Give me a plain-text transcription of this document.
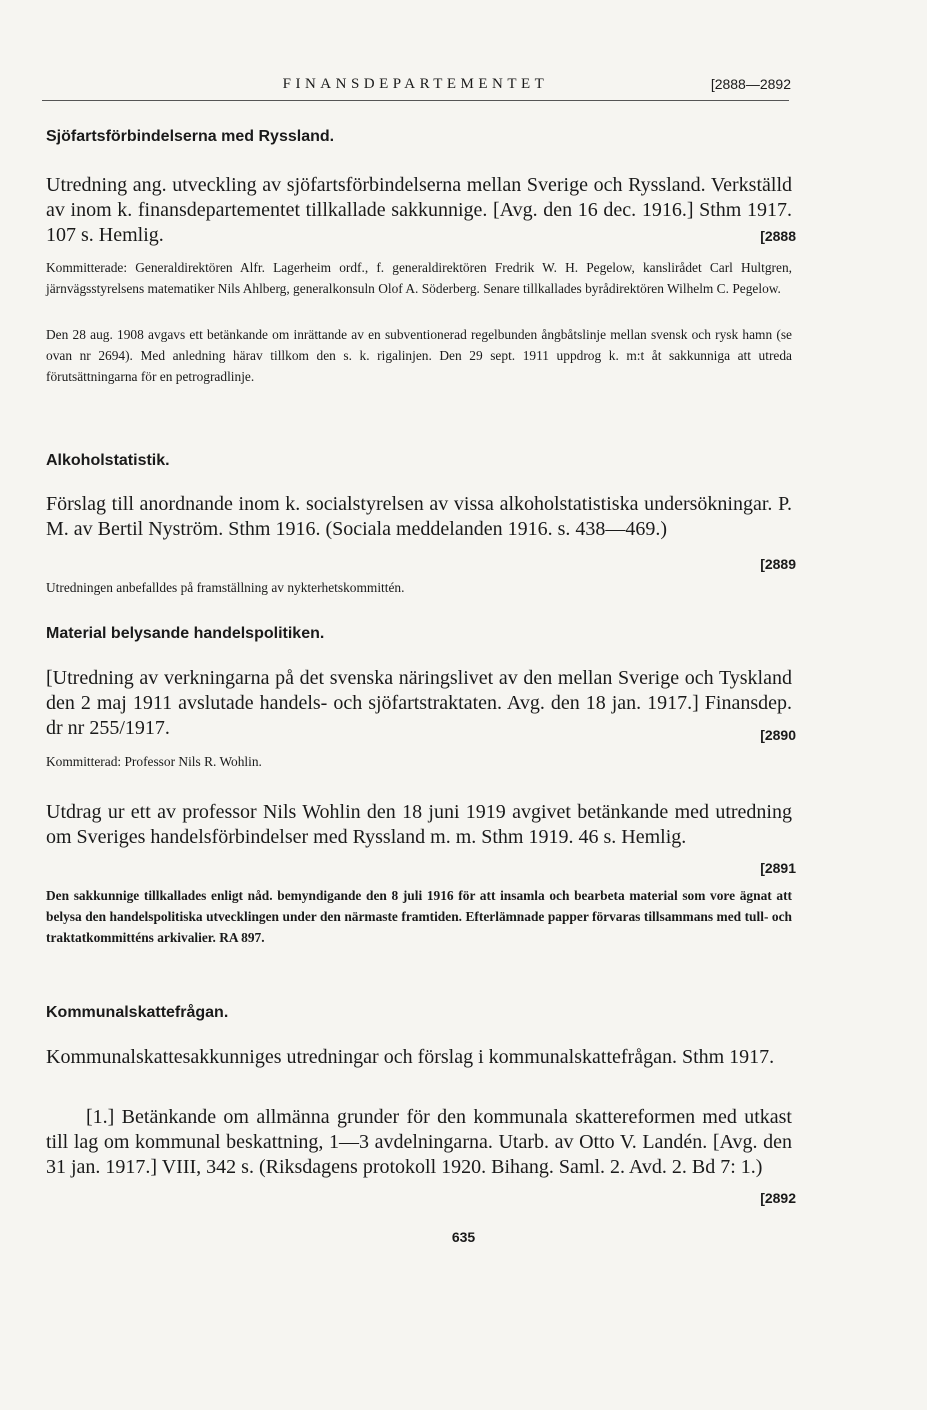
FINANSDEPARTEMENTET	[2888—2892
Sjöfartsförbindelserna med Ryssland.

[2888
Utredning ang. utveckling av sjöfartsförbindelserna mellan Sverige och Ryssland. Verkställd av inom k. finansdepartementet tillkallade sakkunnige. [Avg. den 16 dec. 1916.] Sthm 1917. 107 s. Hemlig.

Kommitterade: Generaldirektören Alfr. Lagerheim ordf., f. generaldirektören Fredrik W. H. Pegelow, kanslirådet Carl Hultgren, järnvägsstyrelsens matematiker Nils Ahlberg, generalkonsuln Olof A. Söderberg. Senare tillkallades byrådirektören Wilhelm C. Pegelow.

Den 28 aug. 1908 avgavs ett betänkande om inrättande av en subventionerad regelbunden ångbåtslinje mellan svensk och rysk hamn (se ovan nr 2694). Med anledning härav tillkom den s. k. rigalinjen. Den 29 sept. 1911 uppdrog k. m:t åt sakkunniga att utreda förutsättningarna för en petrogradlinje.

Alkoholstatistik.

[2889
Förslag till anordnande inom k. socialstyrelsen av vissa alkoholstatistiska undersökningar. P. M. av Bertil Nyström. Sthm 1916. (Sociala meddelanden 1916. s. 438—469.)

Utredningen anbefalldes på framställning av nykterhetskommittén.

Material belysande handelspolitiken.

[2890
[Utredning av verkningarna på det svenska näringslivet av den mellan Sverige och Tyskland den 2 maj 1911 avslutade handels- och sjöfartstraktaten. Avg. den 18 jan. 1917.] Finansdep. dr nr 255/1917.

Kommitterad: Professor Nils R. Wohlin.

[2891
Utdrag ur ett av professor Nils Wohlin den 18 juni 1919 avgivet betänkande med utredning om Sveriges handelsförbindelser med Ryssland m. m. Sthm 1919. 46 s. Hemlig.

Den sakkunnige tillkallades enligt nåd. bemyndigande den 8 juli 1916 för att insamla och bearbeta material som vore ägnat att belysa den handelspolitiska utvecklingen under den närmaste framtiden. Efterlämnade papper förvaras tillsammans med tull- och traktatkommitténs arkivalier. RA 897.

Kommunalskattefrågan.

Kommunalskattesakkunniges utredningar och förslag i kommunalskattefrågan. Sthm 1917.

[2892
[1.] Betänkande om allmänna grunder för den kommunala skattereformen med utkast till lag om kommunal beskattning, 1—3 avdelningarna. Utarb. av Otto V. Landén. [Avg. den 31 jan. 1917.] VIII, 342 s. (Riksdagens protokoll 1920. Bihang. Saml. 2. Avd. 2. Bd 7: 1.)

635
